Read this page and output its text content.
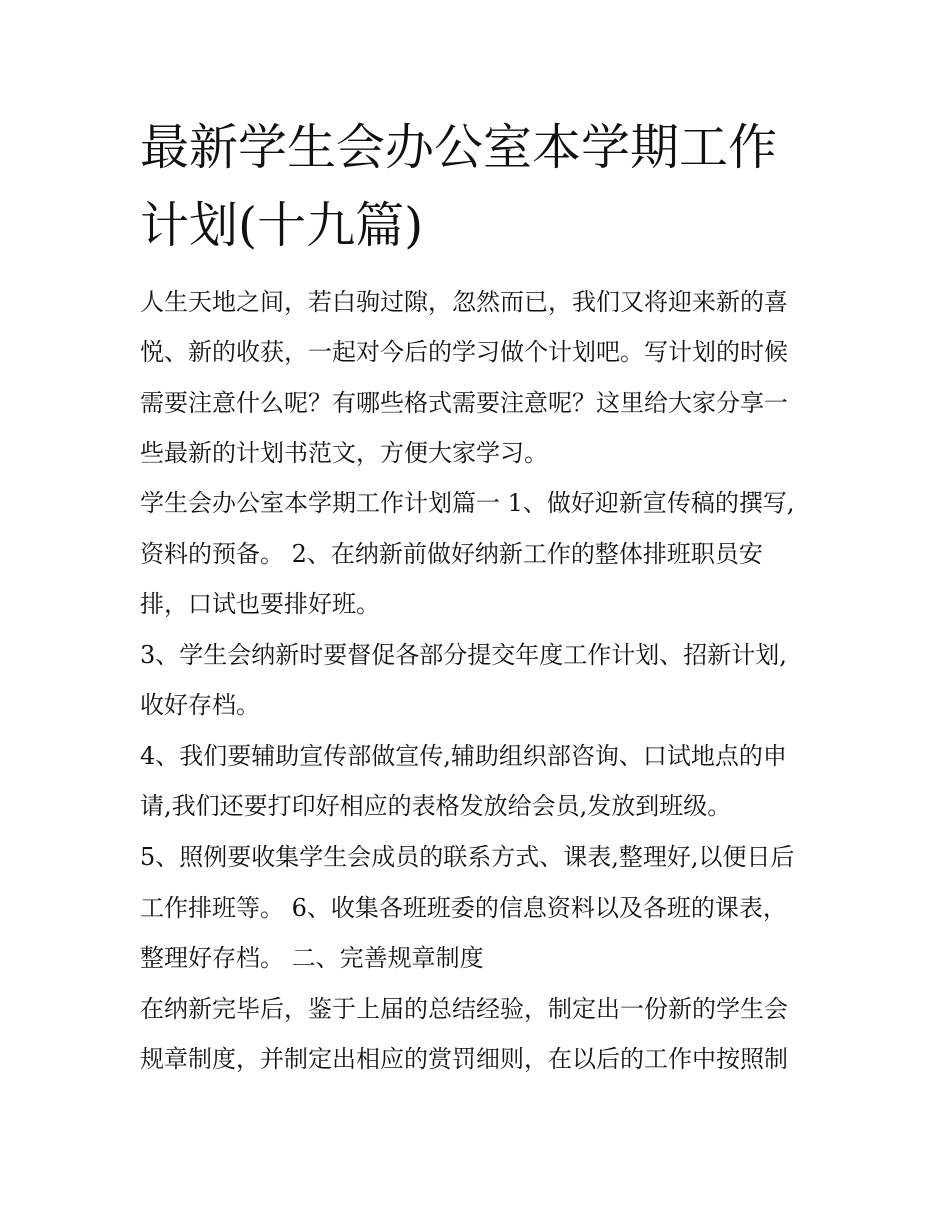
最新学生会办公室本学期工作
计划(十九篇)
人生天地之间，若白驹过隙，忽然而已，我们又将迎来新的喜
悦、新的收获，一起对今后的学习做个计划吧。写计划的时候
需要注意什么呢？有哪些格式需要注意呢？这里给大家分享一
些最新的计划书范文，方便大家学习。
学生会办公室本学期工作计划篇一 1、做好迎新宣传稿的撰写,
资料的预备。 2、在纳新前做好纳新工作的整体排班职员安
排，口试也要排好班。
3、学生会纳新时要督促各部分提交年度工作计划、招新计划,
收好存档。
4、我们要辅助宣传部做宣传,辅助组织部咨询、口试地点的申
请,我们还要打印好相应的表格发放给会员,发放到班级。
5、照例要收集学生会成员的联系方式、课表,整理好,以便日后
工作排班等。 6、收集各班班委的信息资料以及各班的课表，
整理好存档。 二、完善规章制度
在纳新完毕后，鉴于上届的总结经验，制定出一份新的学生会
规章制度，并制定出相应的赏罚细则，在以后的工作中按照制
